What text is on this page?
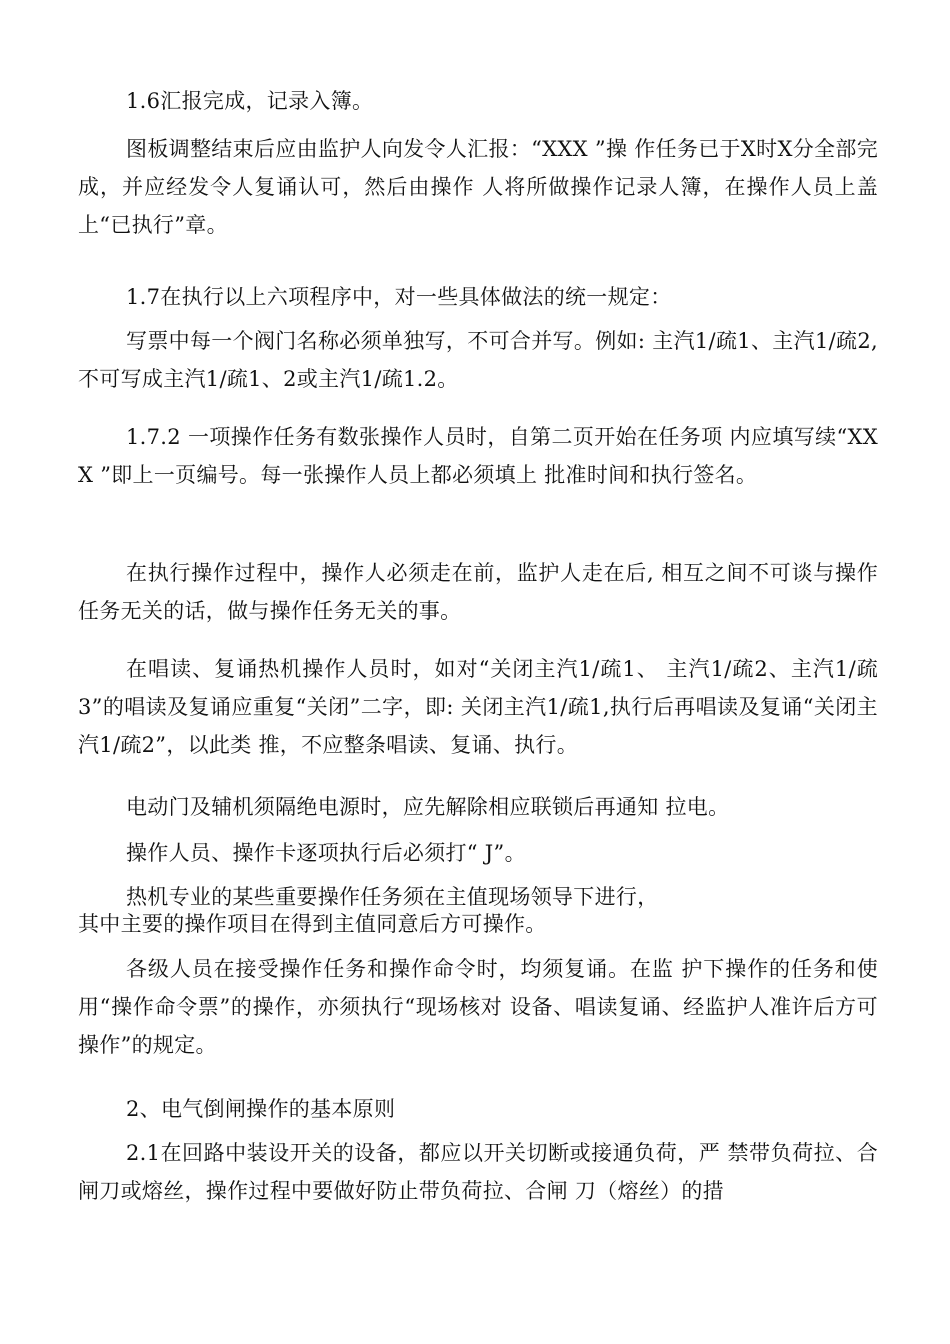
1.6汇报完成，记录入簿。

图板调整结束后应由监护人向发令人汇报：“XXX ”操 作任务已于X时X分全部完成，并应经发令人复诵认可，然后由操作 人将所做操作记录人簿，在操作人员上盖上“已执行”章。

1.7在执行以上六项程序中，对一些具体做法的统一规定：

写票中每一个阀门名称必须单独写，不可合并写。例如: 主汽1/疏1、主汽1/疏2,不可写成主汽1/疏1、2或主汽1/疏1.2。

1.7.2 一项操作任务有数张操作人员时，自第二页开始在任务项 内应填写续“XXX ”即上一页编号。每一张操作人员上都必须填上 批准时间和执行签名。

在执行操作过程中，操作人必须走在前，监护人走在后, 相互之间不可谈与操作任务无关的话，做与操作任务无关的事。

在唱读、复诵热机操作人员时，如对“关闭主汽1/疏1、 主汽1/疏2、主汽1/疏3”的唱读及复诵应重复“关闭”二字，即: 关闭主汽1/疏1,执行后再唱读及复诵“关闭主汽1/疏2”，以此类 推，不应整条唱读、复诵、执行。

电动门及辅机须隔绝电源时，应先解除相应联锁后再通知 拉电。

操作人员、操作卡逐项执行后必须打“ J”。

热机专业的某些重要操作任务须在主值现场领导下进行，

其中主要的操作项目在得到主值同意后方可操作。

各级人员在接受操作任务和操作命令时，均须复诵。在监 护下操作的任务和使用“操作命令票”的操作，亦须执行“现场核对 设备、唱读复诵、经监护人准许后方可操作”的规定。

2、电气倒闸操作的基本原则

2.1在回路中装设开关的设备，都应以开关切断或接通负荷，严 禁带负荷拉、合闸刀或熔丝，操作过程中要做好防止带负荷拉、合闸 刀（熔丝）的措
